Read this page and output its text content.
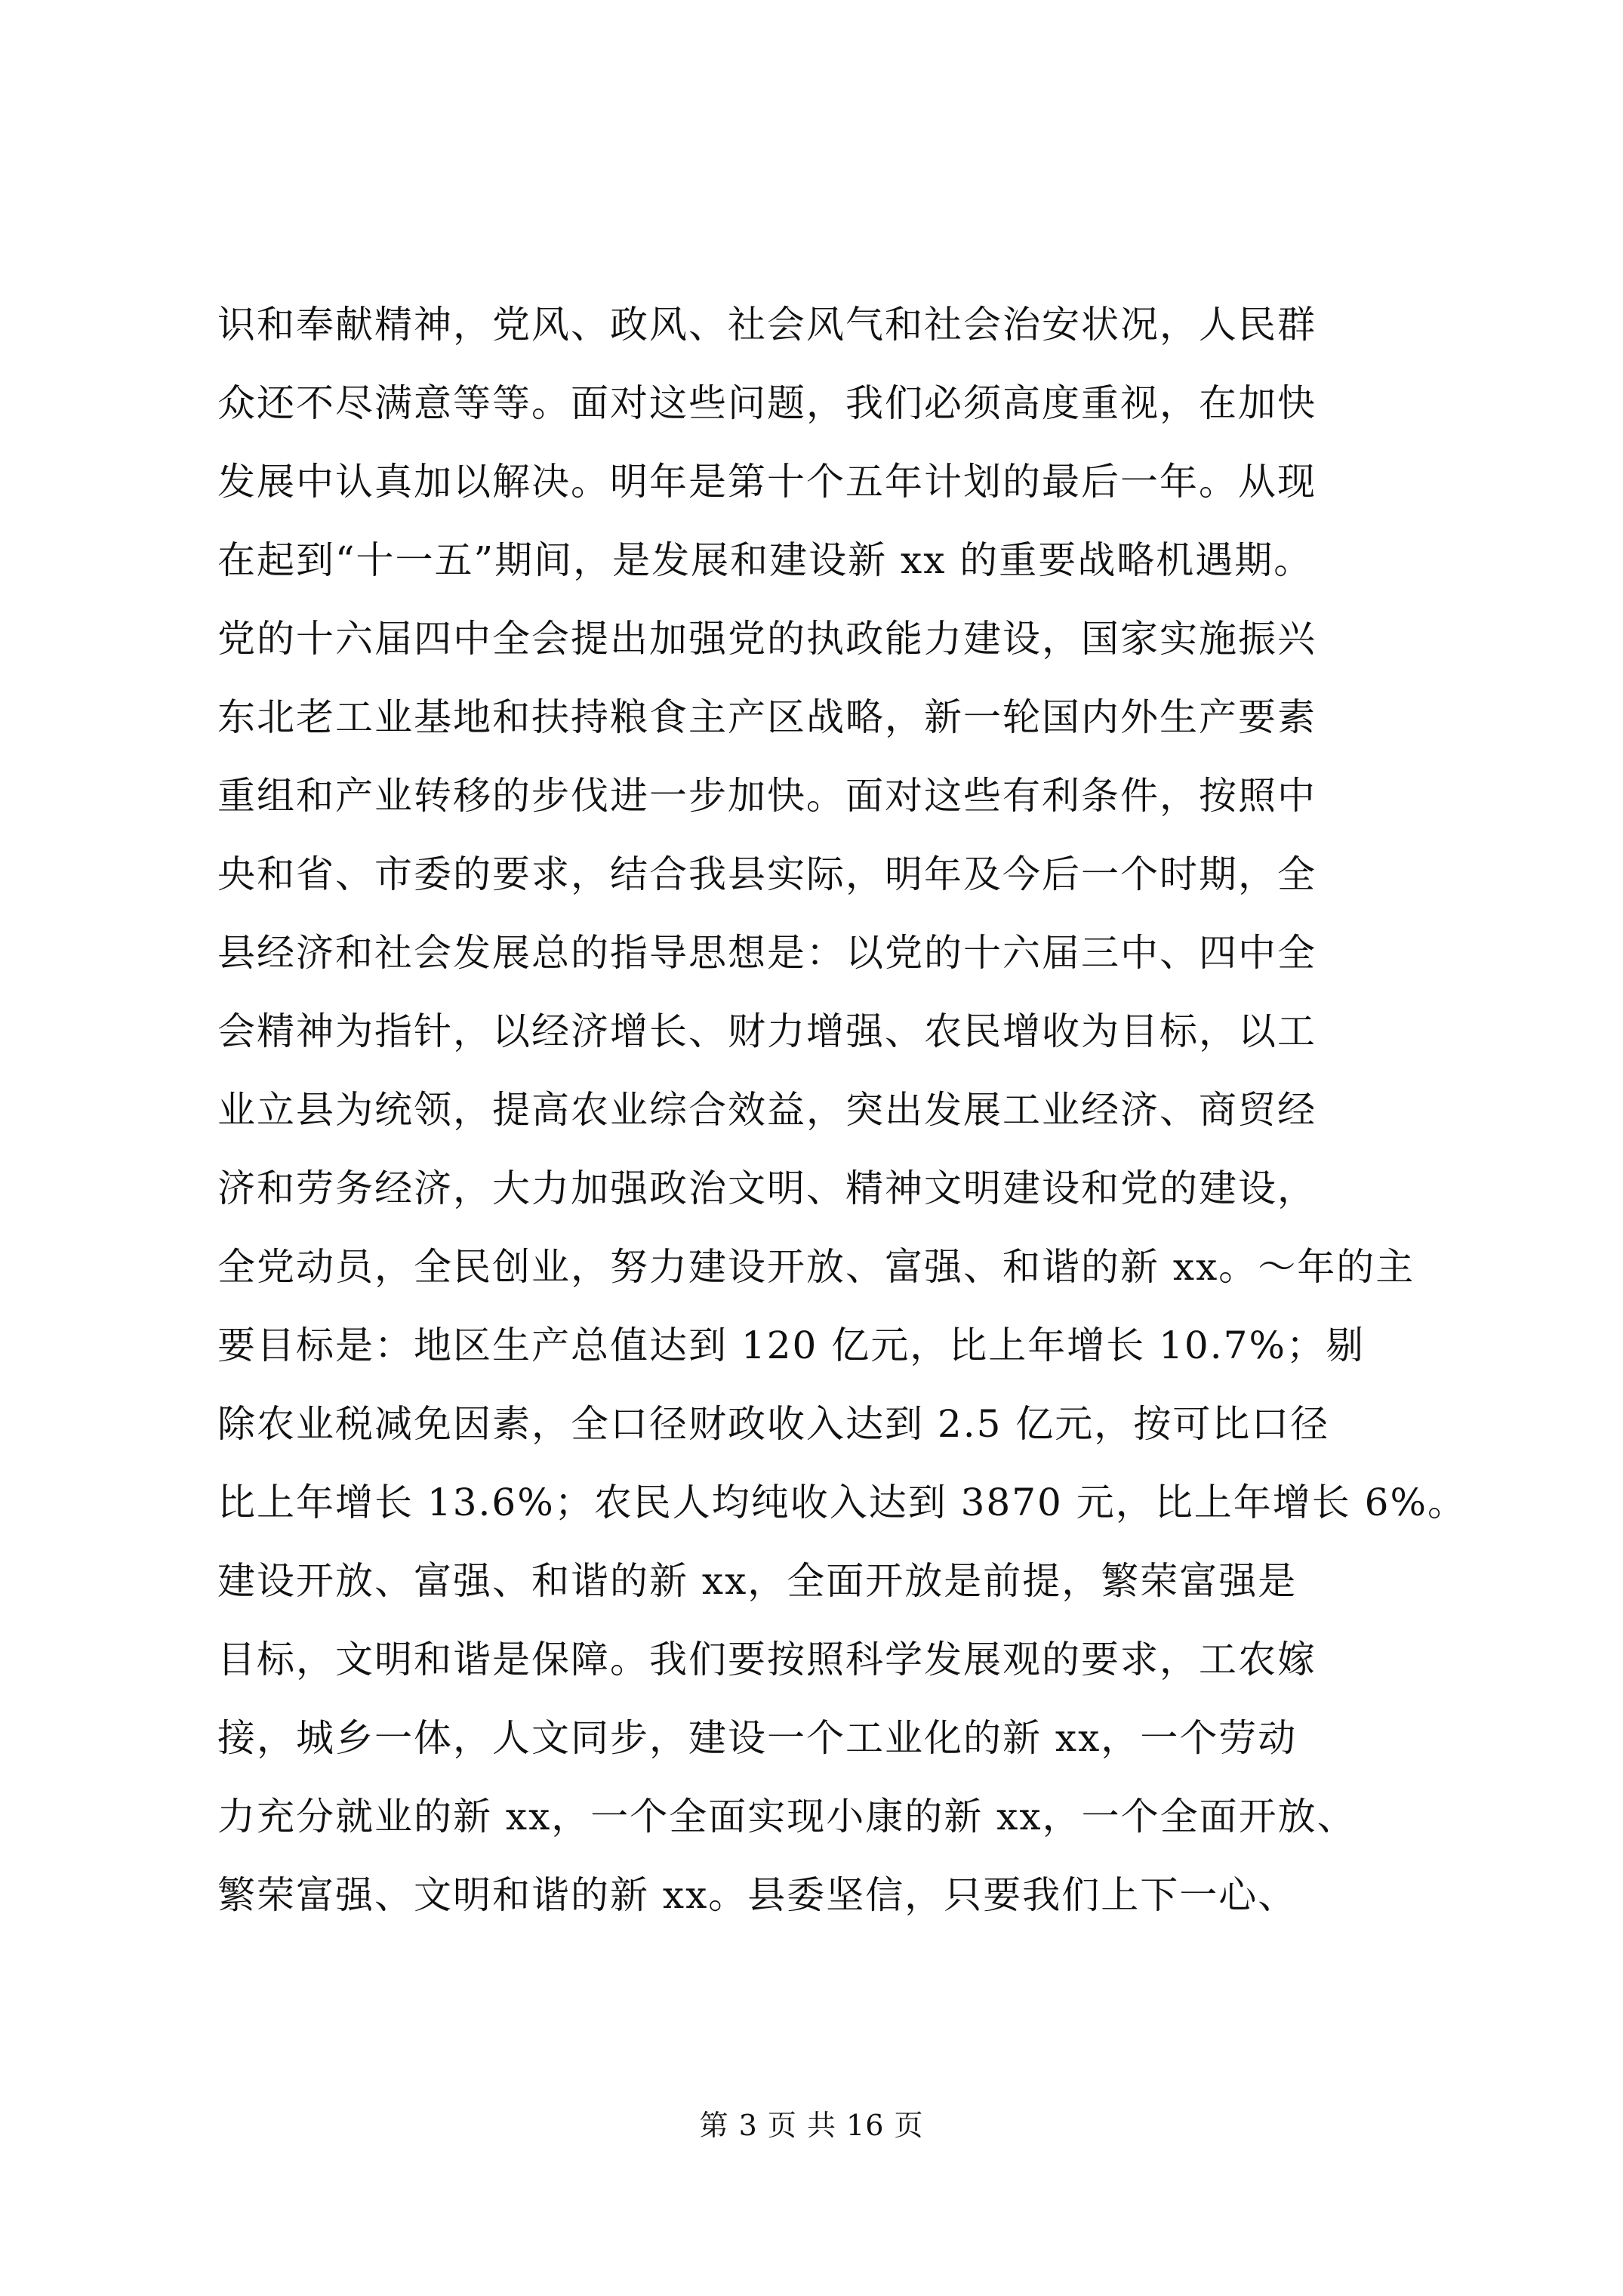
识和奉献精神，党风、政风、社会风气和社会治安状况，人民群
众还不尽满意等等。面对这些问题，我们必须高度重视，在加快
发展中认真加以解决。明年是第十个五年计划的最后一年。从现
在起到“十一五”期间，是发展和建设新 xx 的重要战略机遇期。
党的十六届四中全会提出加强党的执政能力建设，国家实施振兴
东北老工业基地和扶持粮食主产区战略，新一轮国内外生产要素
重组和产业转移的步伐进一步加快。面对这些有利条件，按照中
央和省、市委的要求，结合我县实际，明年及今后一个时期，全
县经济和社会发展总的指导思想是：以党的十六届三中、四中全
会精神为指针，以经济增长、财力增强、农民增收为目标，以工
业立县为统领，提高农业综合效益，突出发展工业经济、商贸经
济和劳务经济，大力加强政治文明、精神文明建设和党的建设，
全党动员，全民创业，努力建设开放、富强、和谐的新 xx。～年的主
要目标是：地区生产总值达到 120 亿元，比上年增长 10.7%；剔
除农业税减免因素，全口径财政收入达到 2.5 亿元，按可比口径
比上年增长 13.6%；农民人均纯收入达到 3870 元，比上年增长 6%。
建设开放、富强、和谐的新 xx，全面开放是前提，繁荣富强是
目标，文明和谐是保障。我们要按照科学发展观的要求，工农嫁
接，城乡一体，人文同步，建设一个工业化的新 xx，一个劳动
力充分就业的新 xx，一个全面实现小康的新 xx，一个全面开放、
繁荣富强、文明和谐的新 xx。县委坚信，只要我们上下一心、
第 3 页 共 16 页
